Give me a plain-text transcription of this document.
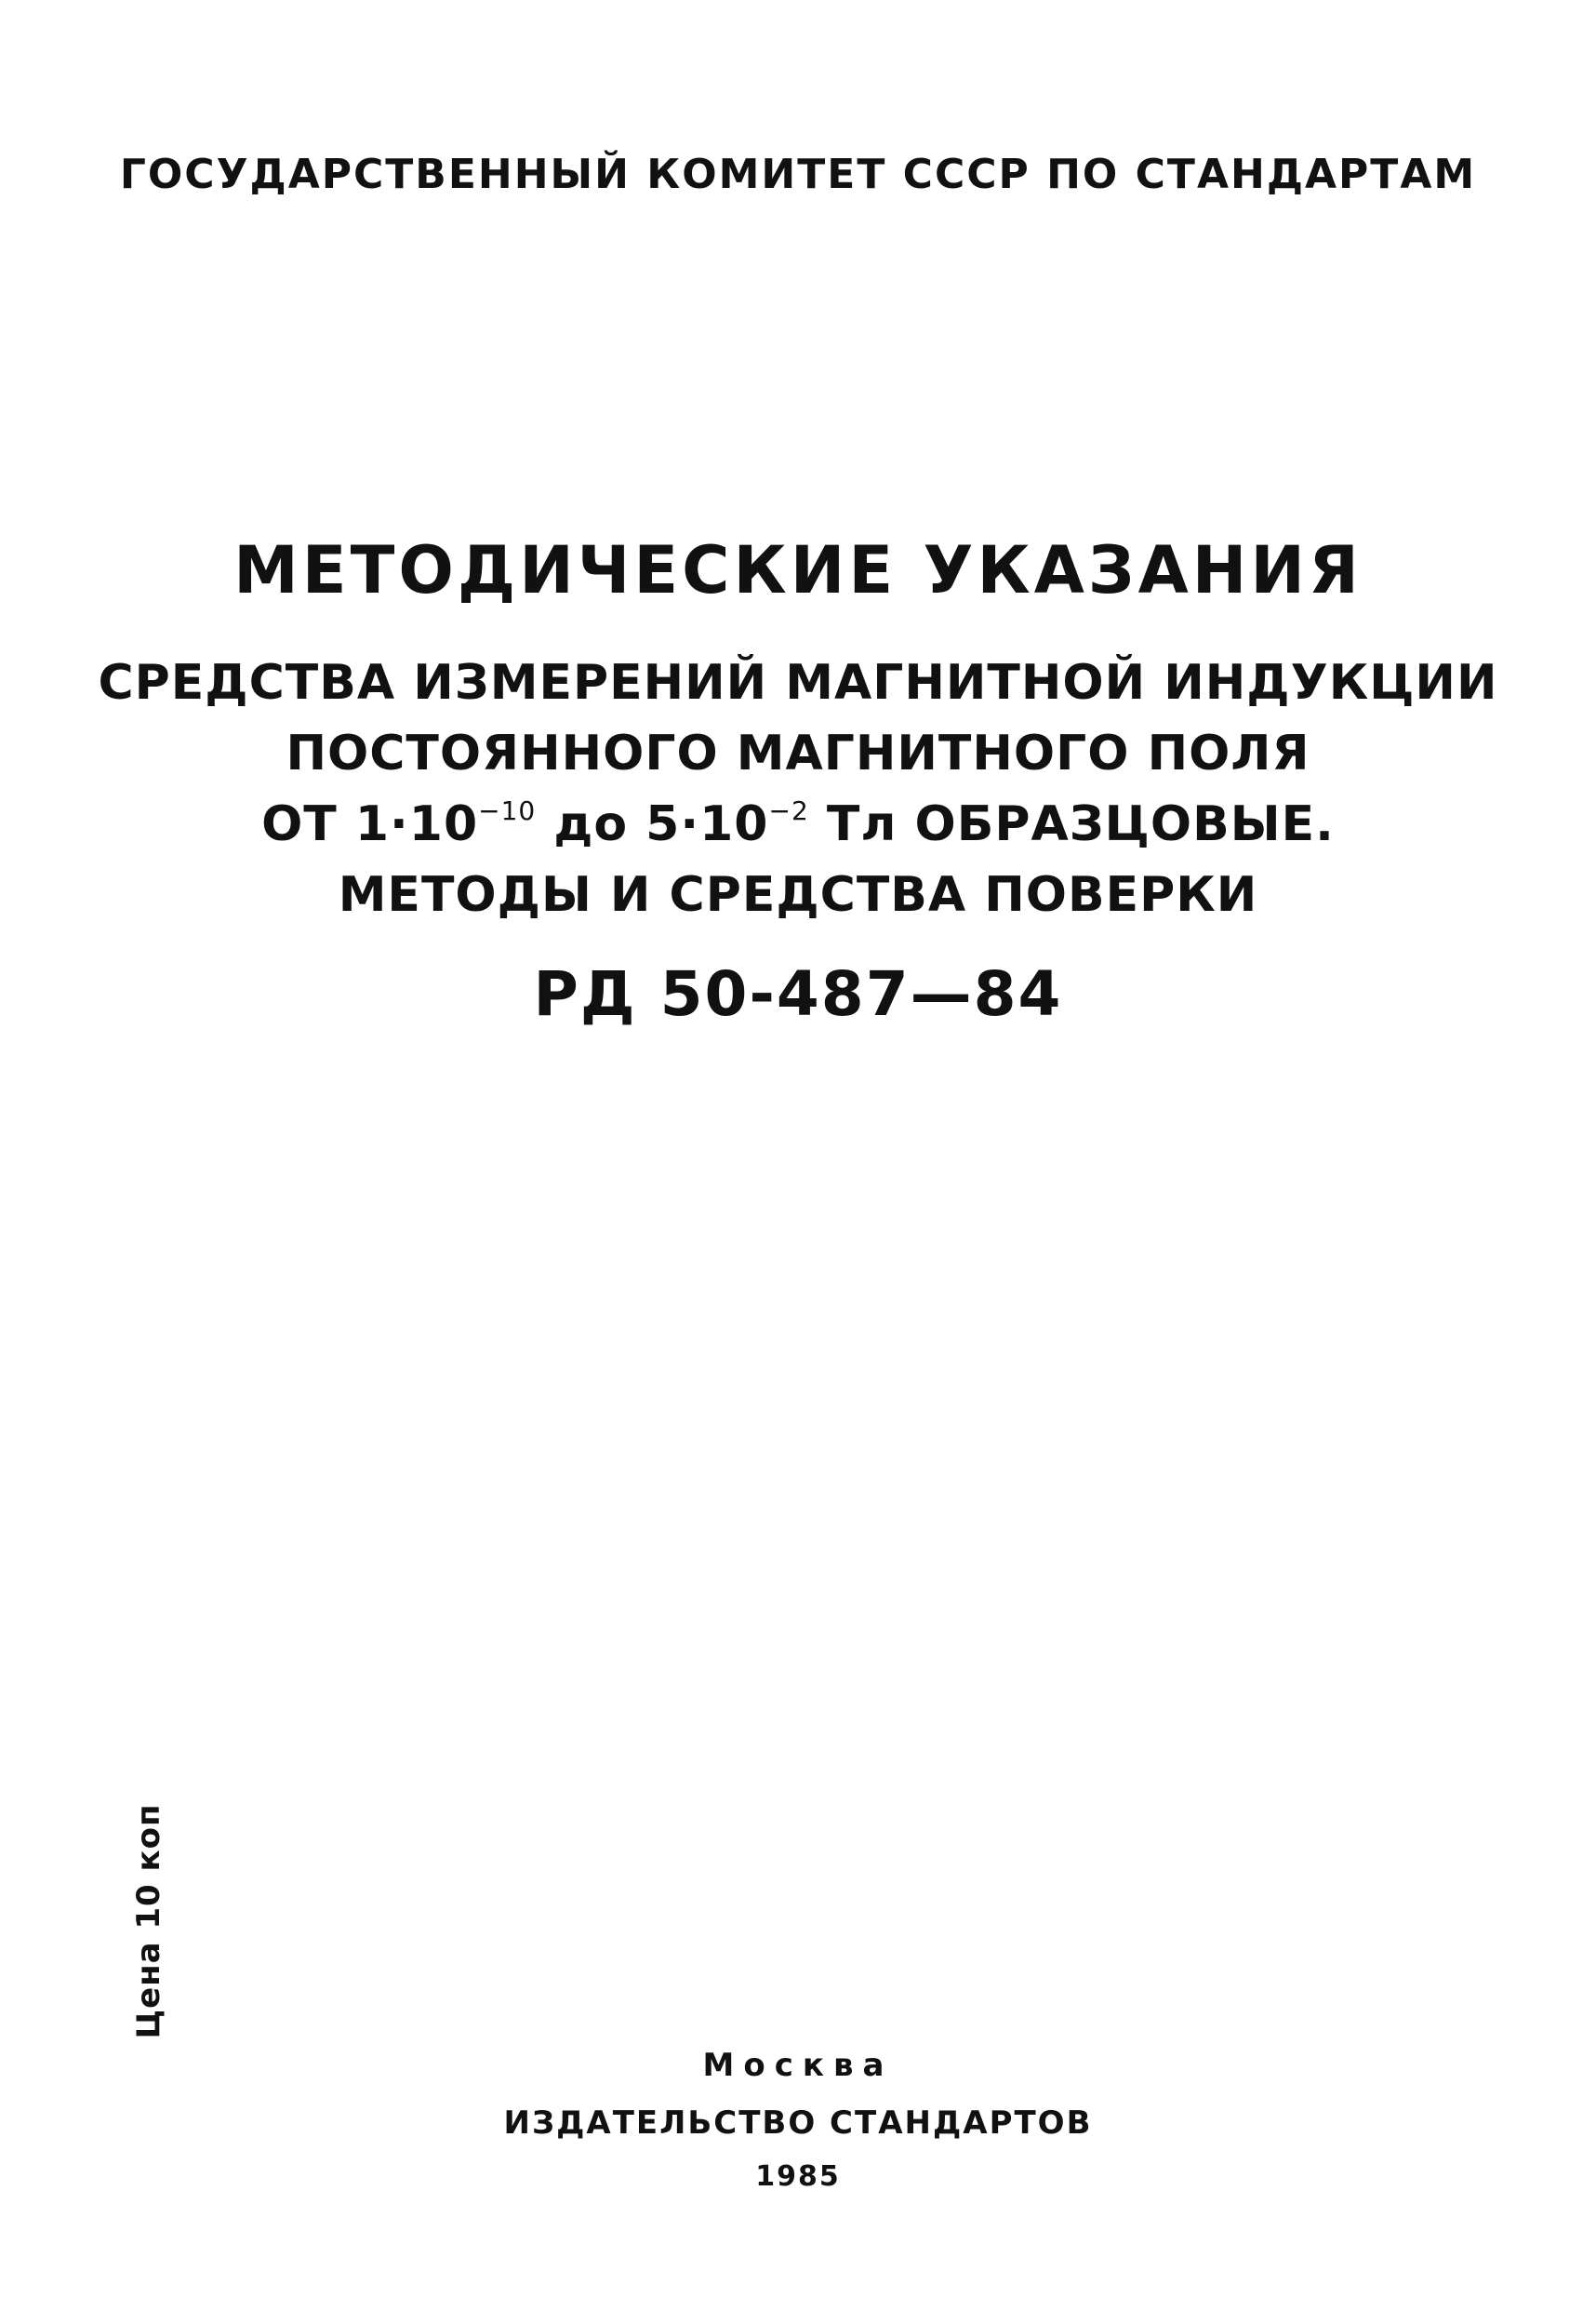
ГОСУДАРСТВЕННЫЙ КОМИТЕТ СССР ПО СТАНДАРТАМ
МЕТОДИЧЕСКИЕ УКАЗАНИЯ
СРЕДСТВА ИЗМЕРЕНИЙ МАГНИТНОЙ ИНДУКЦИИ
ПОСТОЯННОГО МАГНИТНОГО ПОЛЯ
ОТ $1\cdot 10^{-10}$ до $5\cdot 10^{-2}$ Тл ОБРАЗЦОВЫЕ.
МЕТОДЫ И СРЕДСТВА ПОВЕРКИ
РД 50-487—84
Цена 10 коп
Москва
ИЗДАТЕЛЬСТВО СТАНДАРТОВ
1985
